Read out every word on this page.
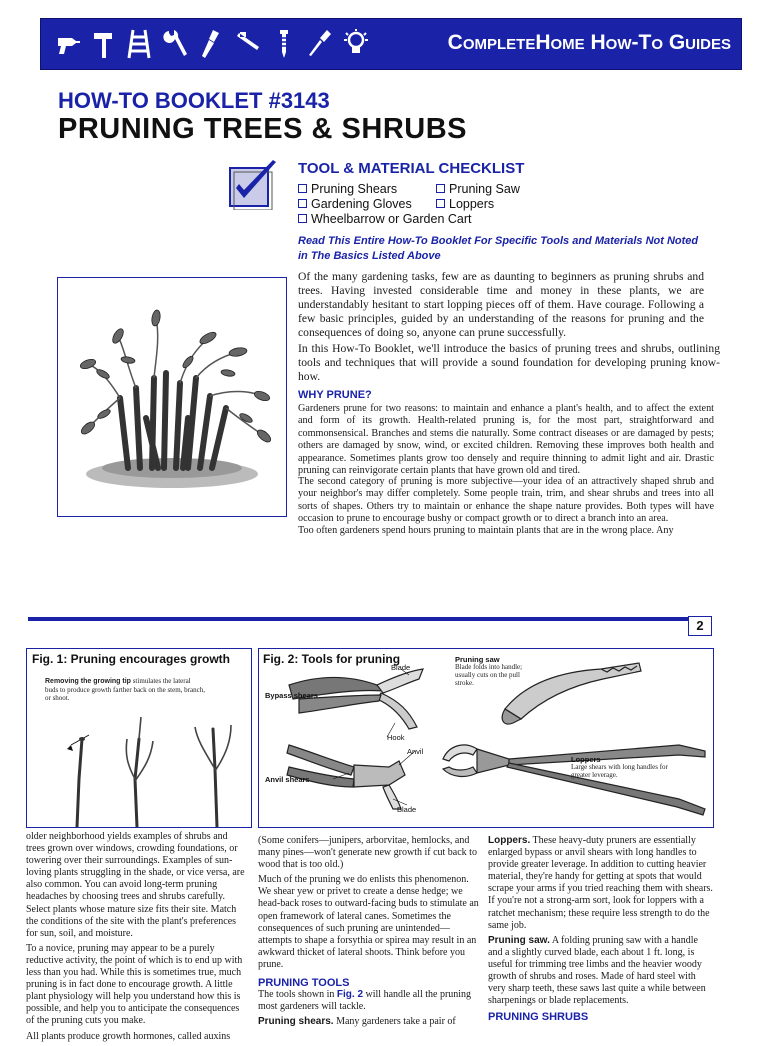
CompleteHome How-To Guides
HOW-TO BOOKLET #3143
PRUNING TREES & SHRUBS
TOOL & MATERIAL CHECKLIST
Pruning Shears	Pruning Saw
Gardening Gloves	Loppers
Wheelbarrow or Garden Cart
Read This Entire How-To Booklet For Specific Tools and Materials Not Noted
in The Basics Listed Above
Of the many gardening tasks, few are as daunting to beginners as pruning shrubs and trees. Having invested considerable time and money in these plants, we are understandably hesitant to start lopping pieces off of them. Have courage. Following a few basic principles, guided by an understanding of the reasons for pruning and the consequences of doing so, anyone can prune successfully.
In this How-To Booklet, we'll introduce the basics of pruning trees and shrubs, outlining tools and techniques that will provide a sound foundation for developing pruning know-how.
WHY PRUNE?
Gardeners prune for two reasons: to maintain and enhance a plant's health, and to affect the extent and form of its growth. Health-related pruning is, for the most part, straightforward and commonsensical. Branches and stems die naturally. Some contract diseases or are damaged by pests; others are damaged by snow, wind, or excited children. Removing these improves both health and appearance. Sometimes plants grow too densely and require thinning to admit light and air. Drastic pruning can reinvigorate certain plants that have grown old and tired.
The second category of pruning is more subjective—your idea of an attractively shaped shrub and your neighbor's may differ completely. Some people train, trim, and shear shrubs and trees into all sorts of shapes. Others try to maintain or enhance the shape nature provides. Both types will have occasion to prune to encourage bushy or compact growth or to direct a branch into an area.
Too often gardeners spend hours pruning to maintain plants that are in the wrong place. Any
2
Fig. 1: Pruning encourages growth
Removing the growing tip stimulates the lateral buds to produce growth farther back on the stem, branch, or shoot.
Fig. 2: Tools for pruning
Blade
Bypass shears
Hook
Anvil
Anvil shears
Blade
Pruning saw
Blade folds into handle; usually cuts on the pull stroke.
Loppers
Large shears with long handles for greater leverage.

older neighborhood yields examples of shrubs and trees grown over windows, crowding foundations, or towering over their surroundings. Examples of sun-loving plants struggling in the shade, or vice versa, are also common. You can avoid long-term pruning headaches by choosing trees and shrubs carefully. Select plants whose mature size fits their site. Match the conditions of the site with the plant's preferences for sun, soil, and moisture.

To a novice, pruning may appear to be a purely reductive activity, the point of which is to end up with less than you had. While this is sometimes true, much pruning is in fact done to encourage growth. A little plant physiology will help you understand how this is possible, and help you to anticipate the consequences of the pruning cuts you make.

All plants produce growth hormones, called auxins

(Some conifers—junipers, arborvitae, hemlocks, and many pines—won't generate new growth if cut back to wood that is too old.)

Much of the pruning we do enlists this phenomenon. We shear yew or privet to create a dense hedge; we head-back roses to outward-facing buds to stimulate an open framework of lateral canes. Sometimes the consequences of such pruning are unintended—attempts to shape a forsythia or spirea may result in an awkward thicket of lateral shoots. Think before you prune.

PRUNING TOOLS

The tools shown in Fig. 2 will handle all the pruning most gardeners will tackle.

Pruning shears. Many gardeners take a pair of

Loppers. These heavy-duty pruners are essentially enlarged bypass or anvil shears with long handles to provide greater leverage. In addition to cutting heavier material, they're handy for getting at spots that would scrape your arms if you tried reaching them with shears. If you're not a strong-arm sort, look for loppers with a ratchet mechanism; these require less strength to do the same job.

Pruning saw. A folding pruning saw with a handle and a slightly curved blade, each about 1 ft. long, is useful for trimming tree limbs and the heavier woody growth of shrubs and roses. Made of hard steel with very sharp teeth, these saws last quite a while between sharpenings or blade replacements.

PRUNING SHRUBS
